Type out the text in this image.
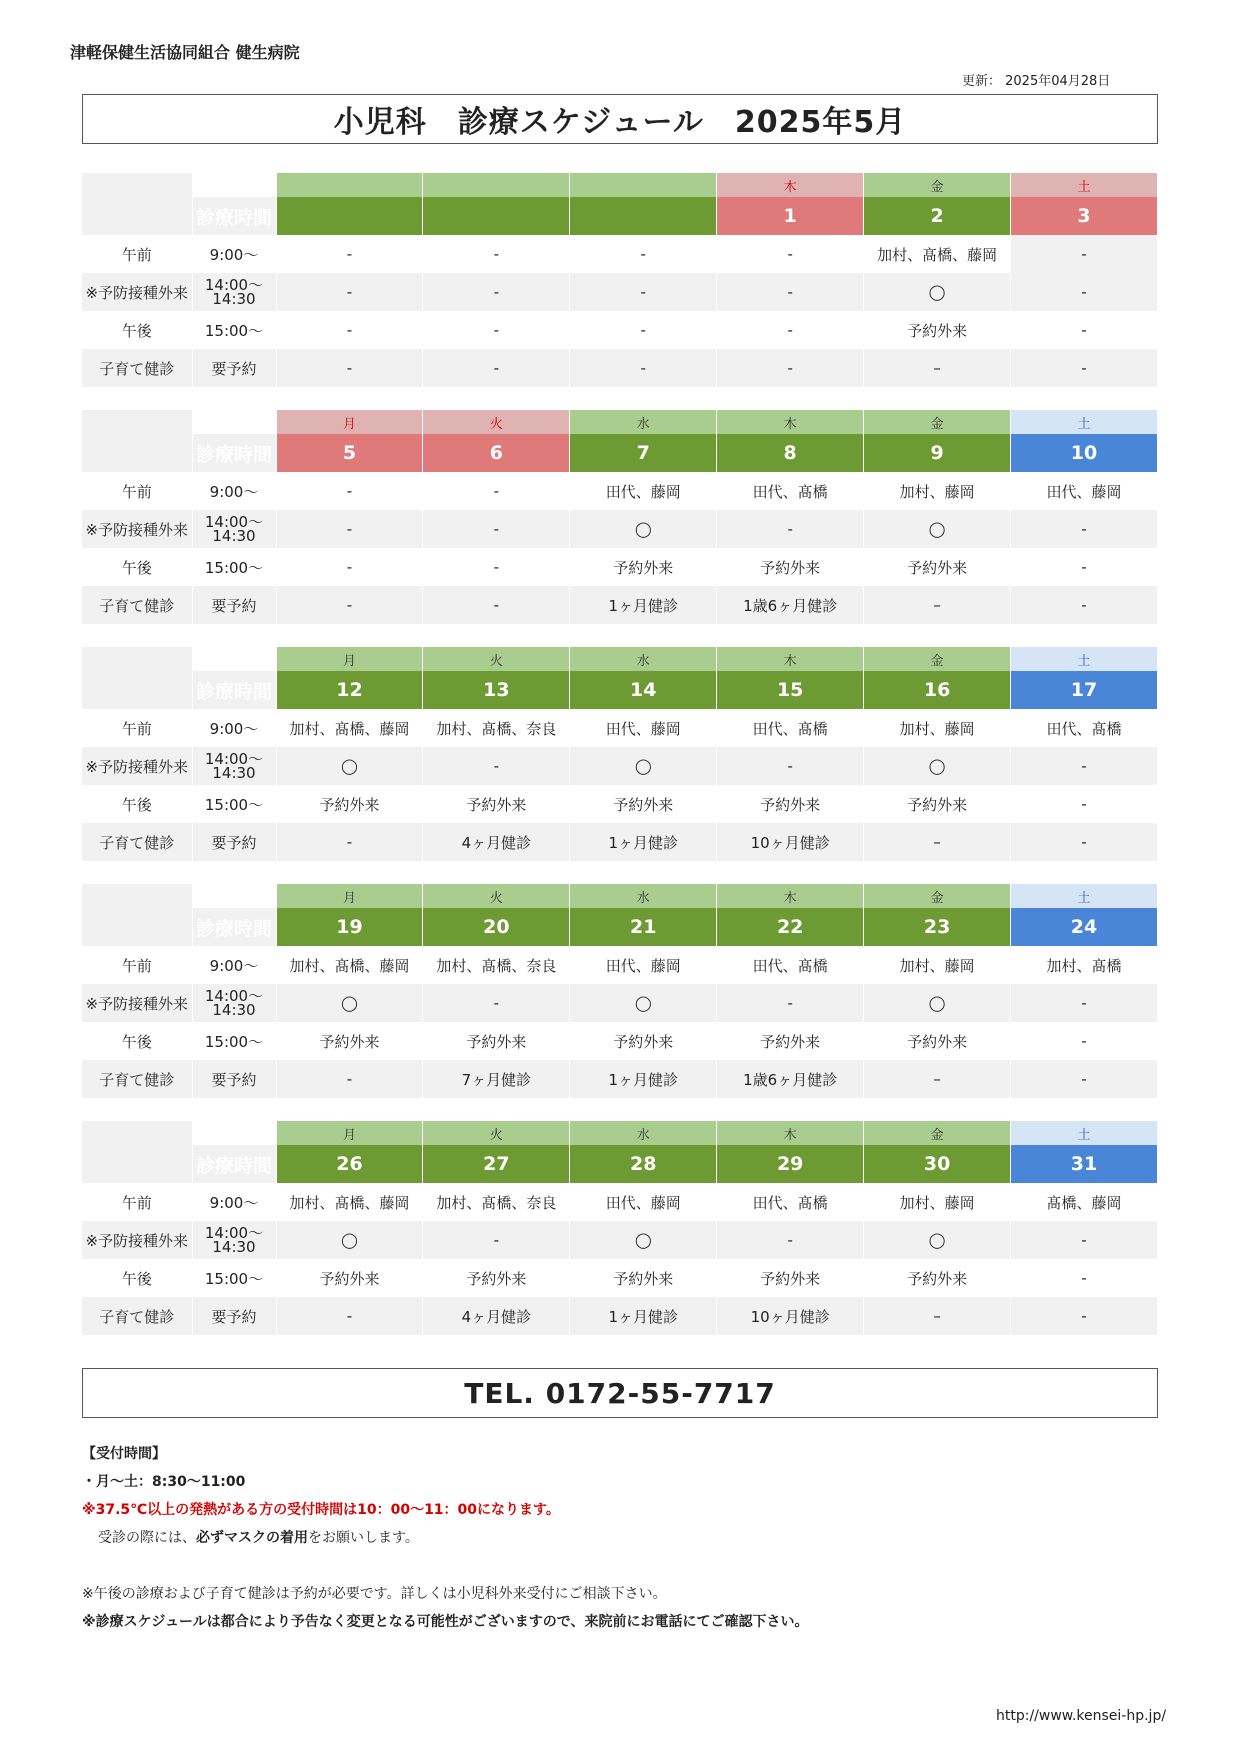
津軽保健生活協同組合 健生病院
更新： 2025年04月28日
小児科　診療スケジュール　2025年5月
					木	金	土
	診療時間				1	2	3
午前	9:00〜	-	-	-	-	加村、髙橋、藤岡	-
※予防接種外来	14:00〜
14:30	-	-	-	-	◯	-
午後	15:00〜	-	-	-	-	予約外来	-
子育て健診	要予約	-	-	-	-	–	-
		月	火	水	木	金	土
	診療時間	5	6	7	8	9	10
午前	9:00〜	-	-	田代、藤岡	田代、髙橋	加村、藤岡	田代、藤岡
※予防接種外来	14:00〜
14:30	-	-	◯	-	◯	-
午後	15:00〜	-	-	予約外来	予約外来	予約外来	-
子育て健診	要予約	-	-	1ヶ月健診	1歳6ヶ月健診	–	-
		月	火	水	木	金	土
	診療時間	12	13	14	15	16	17
午前	9:00〜	加村、髙橋、藤岡	加村、髙橋、奈良	田代、藤岡	田代、髙橋	加村、藤岡	田代、髙橋
※予防接種外来	14:00〜
14:30	◯	-	◯	-	◯	-
午後	15:00〜	予約外来	予約外来	予約外来	予約外来	予約外来	-
子育て健診	要予約	-	4ヶ月健診	1ヶ月健診	10ヶ月健診	–	-
		月	火	水	木	金	土
	診療時間	19	20	21	22	23	24
午前	9:00〜	加村、髙橋、藤岡	加村、髙橋、奈良	田代、藤岡	田代、髙橋	加村、藤岡	加村、髙橋
※予防接種外来	14:00〜
14:30	◯	-	◯	-	◯	-
午後	15:00〜	予約外来	予約外来	予約外来	予約外来	予約外来	-
子育て健診	要予約	-	7ヶ月健診	1ヶ月健診	1歳6ヶ月健診	–	-
		月	火	水	木	金	土
	診療時間	26	27	28	29	30	31
午前	9:00〜	加村、髙橋、藤岡	加村、髙橋、奈良	田代、藤岡	田代、髙橋	加村、藤岡	髙橋、藤岡
※予防接種外来	14:00〜
14:30	◯	-	◯	-	◯	-
午後	15:00〜	予約外来	予約外来	予約外来	予約外来	予約外来	-
子育て健診	要予約	-	4ヶ月健診	1ヶ月健診	10ヶ月健診	–	-
TEL. 0172-55-7717
【受付時間】
・月〜土：8:30〜11:00
※37.5℃以上の発熱がある方の受付時間は10：00〜11：00になります。
受診の際には、必ずマスクの着用をお願いします。
※午後の診療および子育て健診は予約が必要です。詳しくは小児科外来受付にご相談下さい。
※診療スケジュールは都合により予告なく変更となる可能性がございますので、来院前にお電話にてご確認下さい。
http://www.kensei-hp.jp/
